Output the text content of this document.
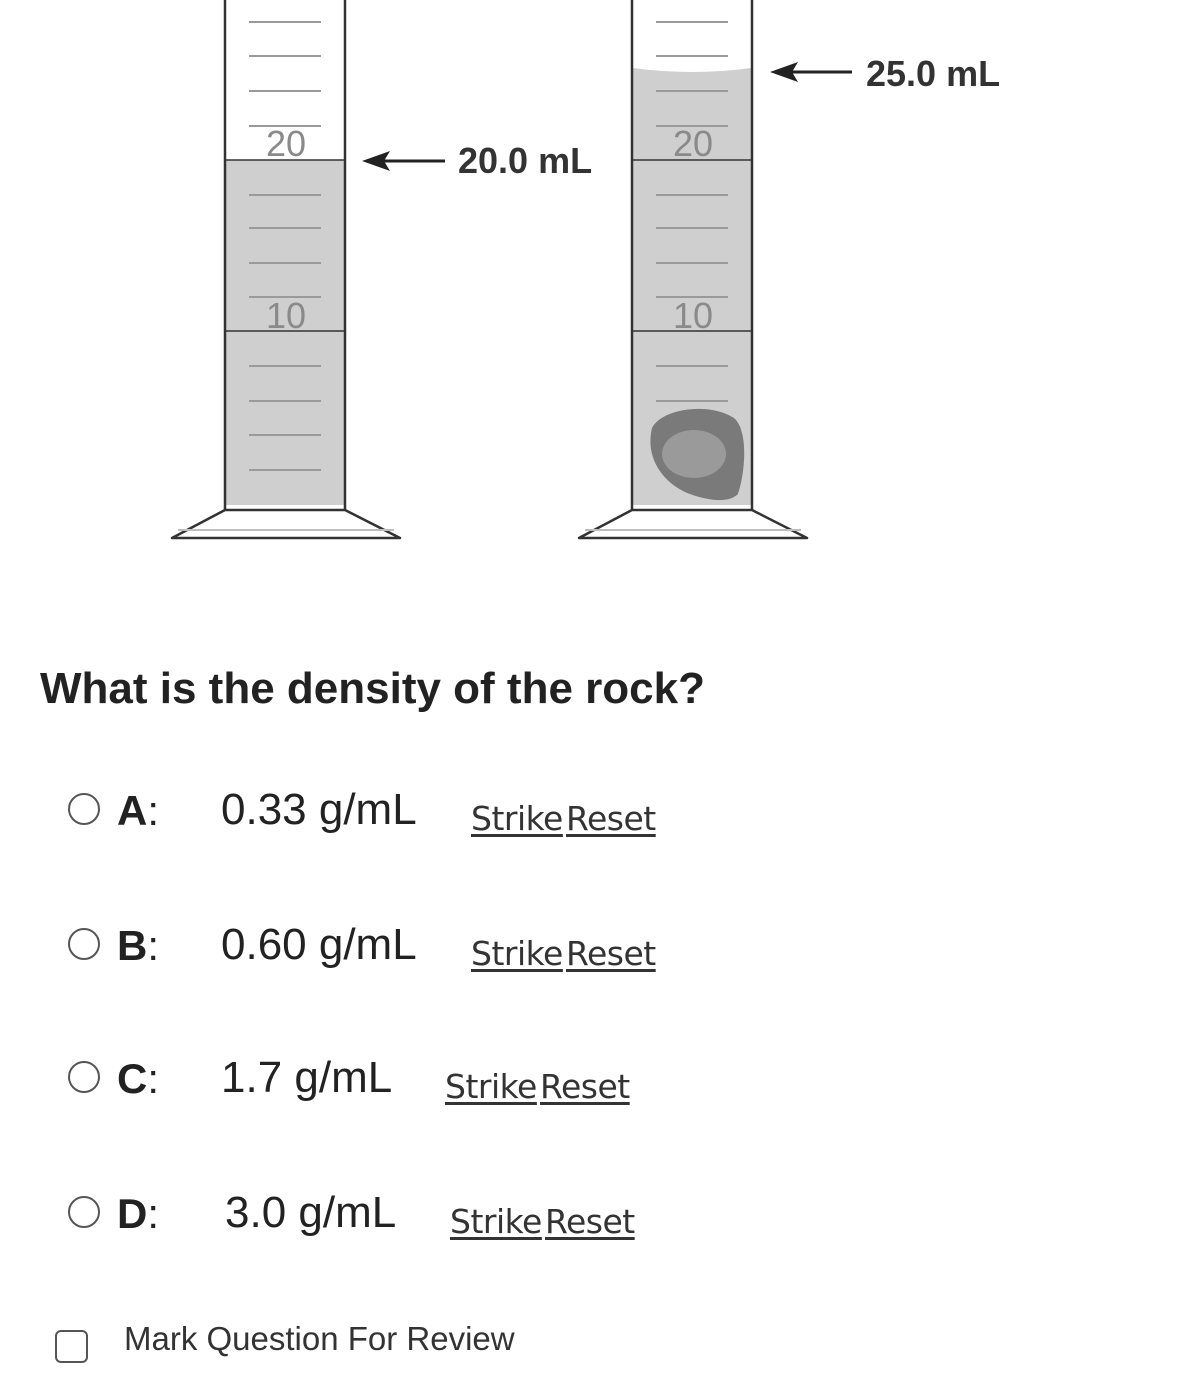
20
10
20.0 mL 20
10
25.0 mL
What is the density of the rock?
A: 0.33 g/mL Strike Reset
B: 0.60 g/mL Strike Reset
C: 1.7 g/mL Strike Reset
D: 3.0 g/mL Strike Reset
Mark Question For Review
